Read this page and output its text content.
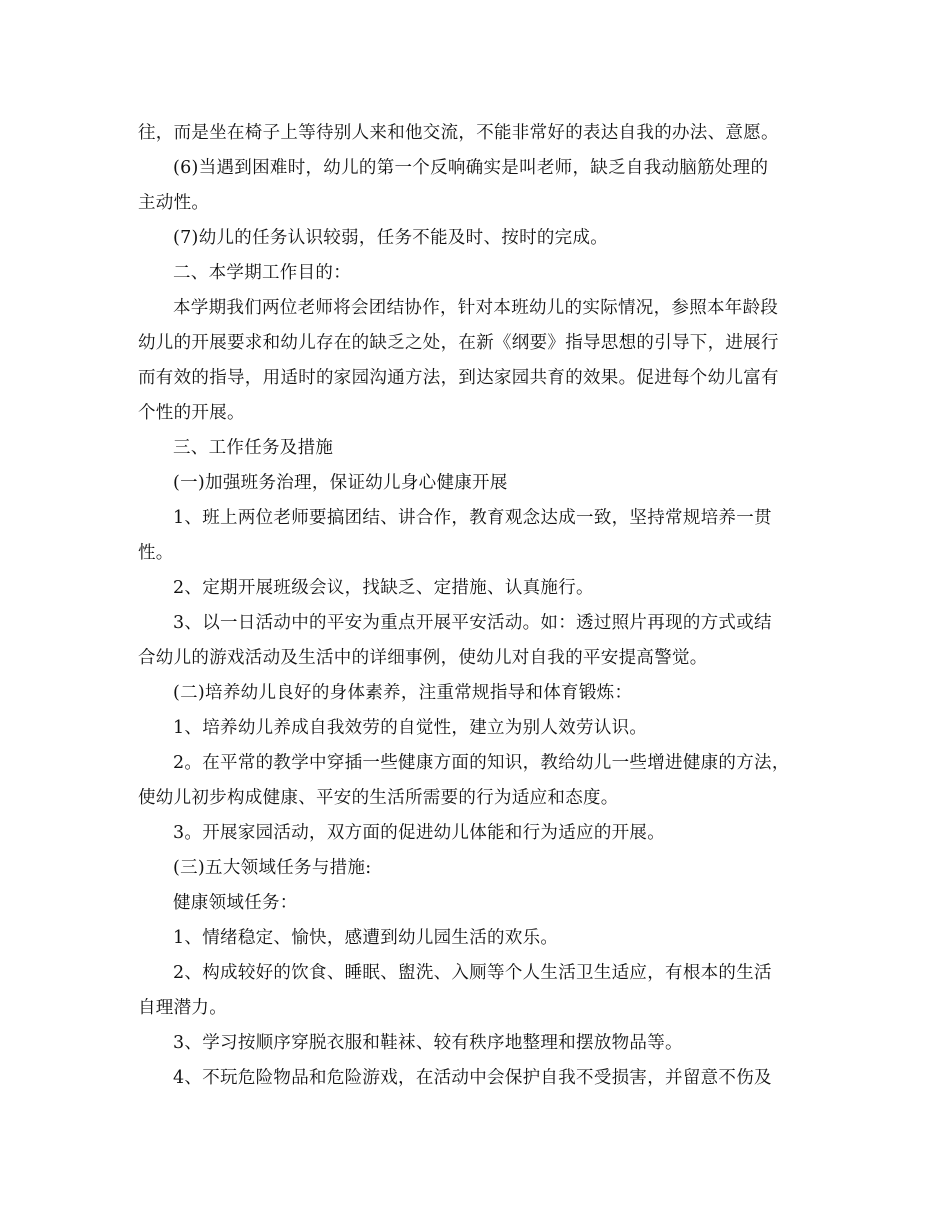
往，而是坐在椅子上等待别人来和他交流，不能非常好的表达自我的办法、意愿。
(6)当遇到困难时，幼儿的第一个反响确实是叫老师，缺乏自我动脑筋处理的
主动性。
(7)幼儿的任务认识较弱，任务不能及时、按时的完成。
二、本学期工作目的：
本学期我们两位老师将会团结协作，针对本班幼儿的实际情况，参照本年龄段
幼儿的开展要求和幼儿存在的缺乏之处，在新《纲要》指导思想的引导下，进展行
而有效的指导，用适时的家园沟通方法，到达家园共育的效果。促进每个幼儿富有
个性的开展。
三、工作任务及措施
(一)加强班务治理，保证幼儿身心健康开展
1、班上两位老师要搞团结、讲合作，教育观念达成一致，坚持常规培养一贯
性。
2、定期开展班级会议，找缺乏、定措施、认真施行。
3、以一日活动中的平安为重点开展平安活动。如：透过照片再现的方式或结
合幼儿的游戏活动及生活中的详细事例，使幼儿对自我的平安提高警觉。
(二)培养幼儿良好的身体素养，注重常规指导和体育锻炼：
1、培养幼儿养成自我效劳的自觉性，建立为别人效劳认识。
2。在平常的教学中穿插一些健康方面的知识，教给幼儿一些增进健康的方法，
使幼儿初步构成健康、平安的生活所需要的行为适应和态度。
3。开展家园活动，双方面的促进幼儿体能和行为适应的开展。
(三)五大领域任务与措施:
健康领域任务：
1、情绪稳定、愉快，感遭到幼儿园生活的欢乐。
2、构成较好的饮食、睡眠、盥洗、入厕等个人生活卫生适应，有根本的生活
自理潜力。
3、学习按顺序穿脱衣服和鞋袜、较有秩序地整理和摆放物品等。
4、不玩危险物品和危险游戏，在活动中会保护自我不受损害，并留意不伤及
